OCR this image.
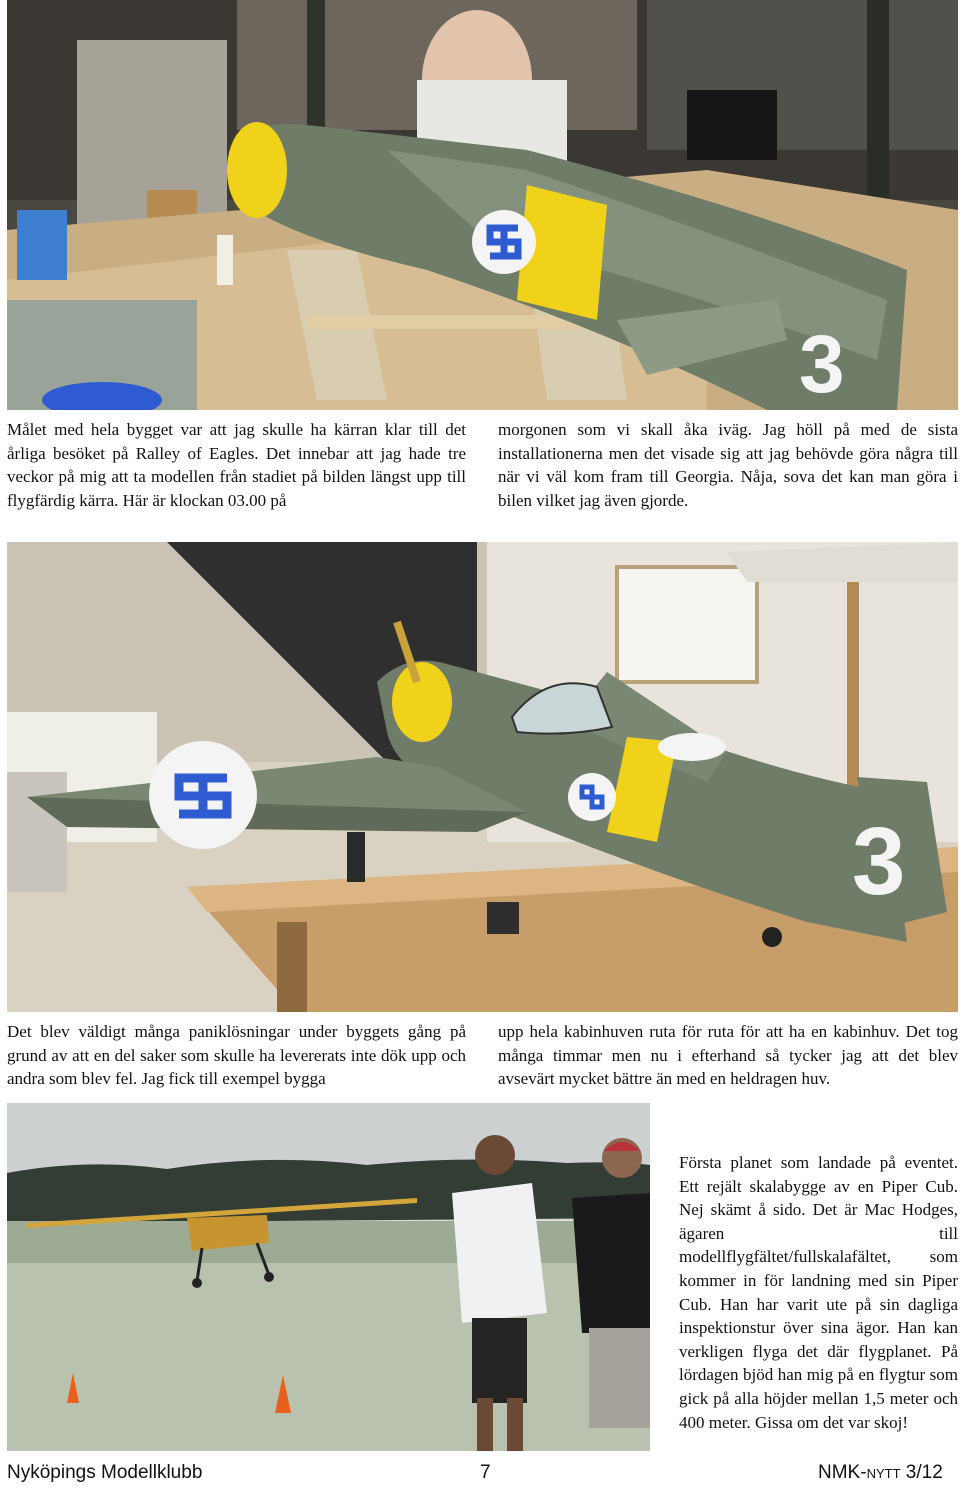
3

Målet med hela bygget var att jag skulle ha kärran klar till det årliga besöket på Ralley of Eagles. Det innebar att jag hade tre veckor på mig att ta modellen från stadiet på bilden längst upp till flygfärdig kärra. Här är klockan 03.00 på

morgonen som vi skall åka iväg. Jag höll på med de sista installationerna men det visade sig att jag behövde göra några till när vi väl kom fram till Georgia. Nåja, sova det kan man göra i bilen vilket jag även gjorde.

3

Det blev väldigt många paniklösningar under byggets gång på grund av att en del saker som skulle ha levererats inte dök upp och andra som blev fel. Jag fick till exempel bygga

upp hela kabinhuven ruta för ruta för att ha en kabinhuv. Det tog många timmar men nu i efterhand så tycker jag att det blev avsevärt mycket bättre än med en heldragen huv.

Första planet som landade på eventet. Ett rejält skalabygge av en Piper Cub. Nej skämt å sido. Det är Mac Hodges, ägaren till modellflygfältet/fullskalafältet, som kommer in för landning med sin Piper Cub. Han har varit ute på sin dagliga inspektionstur över sina ägor. Han kan verkligen flyga det där flygplanet. På lördagen bjöd han mig på en flygtur som gick på alla höjder mellan 1,5 meter och 400 meter. Gissa om det var skoj!

Nyköpings Modellklubb	7	NMK-nytt 3/12
